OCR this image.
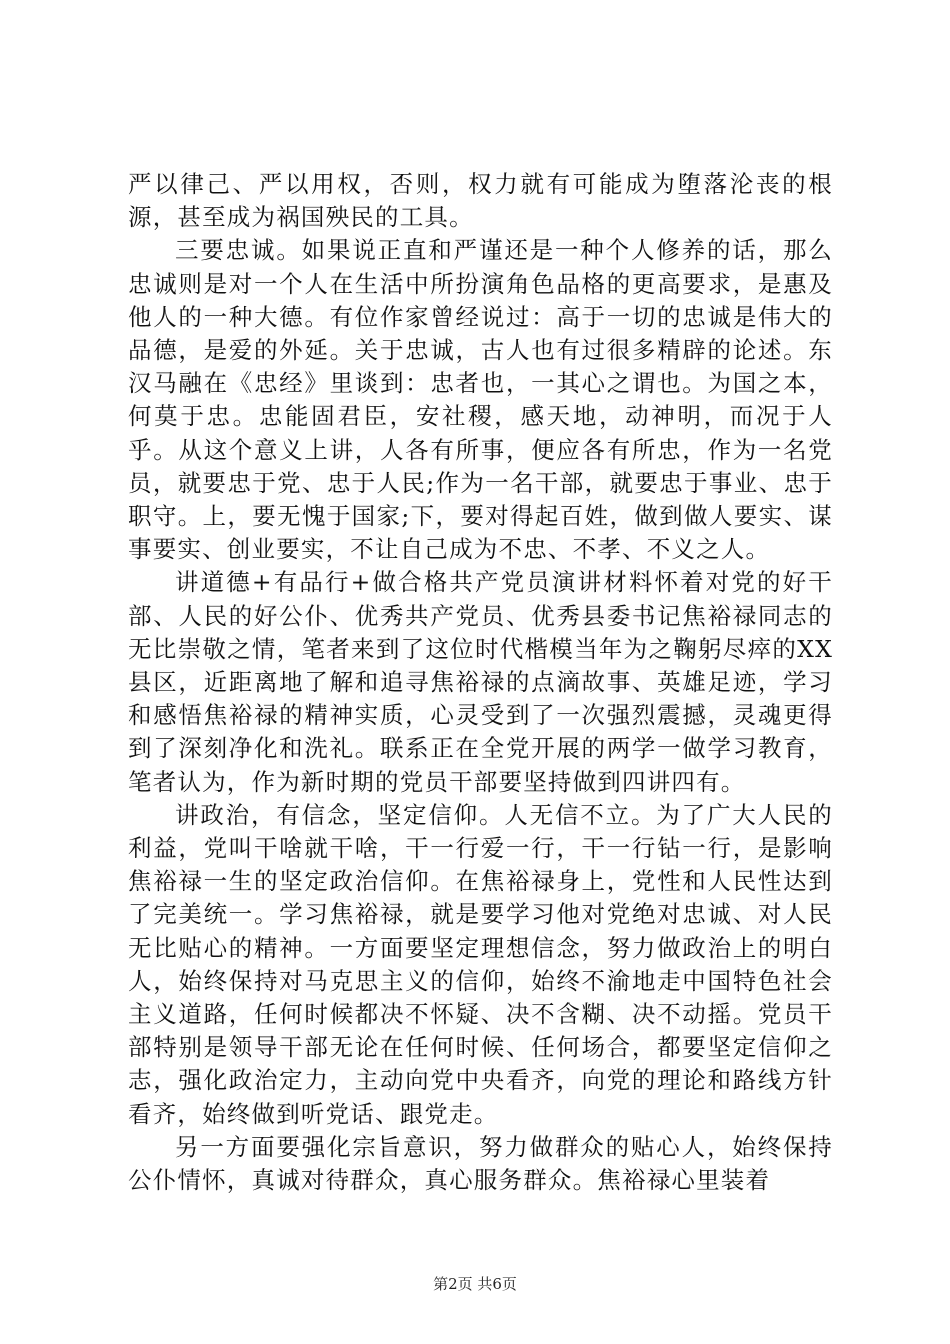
严以律己、严以用权，否则，权力就有可能成为堕落沦丧的根源，甚至成为祸国殃民的工具。

三要忠诚。如果说正直和严谨还是一种个人修养的话，那么忠诚则是对一个人在生活中所扮演角色品格的更高要求，是惠及他人的一种大德。有位作家曾经说过：高于一切的忠诚是伟大的品德，是爱的外延。关于忠诚，古人也有过很多精辟的论述。东汉马融在《忠经》里谈到：忠者也，一其心之谓也。为国之本，何莫于忠。忠能固君臣，安社稷，感天地，动神明，而况于人乎。从这个意义上讲，人各有所事，便应各有所忠，作为一名党员，就要忠于党、忠于人民;作为一名干部，就要忠于事业、忠于职守。上，要无愧于国家;下，要对得起百姓，做到做人要实、谋事要实、创业要实，不让自己成为不忠、不孝、不义之人。

讲道德+有品行+做合格共产党员演讲材料怀着对党的好干部、人民的好公仆、优秀共产党员、优秀县委书记焦裕禄同志的无比崇敬之情，笔者来到了这位时代楷模当年为之鞠躬尽瘁的XX县区，近距离地了解和追寻焦裕禄的点滴故事、英雄足迹，学习和感悟焦裕禄的精神实质，心灵受到了一次强烈震撼，灵魂更得到了深刻净化和洗礼。联系正在全党开展的两学一做学习教育，笔者认为，作为新时期的党员干部要坚持做到四讲四有。

讲政治，有信念，坚定信仰。人无信不立。为了广大人民的利益，党叫干啥就干啥，干一行爱一行，干一行钻一行，是影响焦裕禄一生的坚定政治信仰。在焦裕禄身上，党性和人民性达到了完美统一。学习焦裕禄，就是要学习他对党绝对忠诚、对人民无比贴心的精神。一方面要坚定理想信念，努力做政治上的明白人，始终保持对马克思主义的信仰，始终不渝地走中国特色社会主义道路，任何时候都决不怀疑、决不含糊、决不动摇。党员干部特别是领导干部无论在任何时候、任何场合，都要坚定信仰之志，强化政治定力，主动向党中央看齐，向党的理论和路线方针看齐，始终做到听党话、跟党走。

另一方面要强化宗旨意识，努力做群众的贴心人，始终保持公仆情怀，真诚对待群众，真心服务群众。焦裕禄心里装着

第2页 共6页
